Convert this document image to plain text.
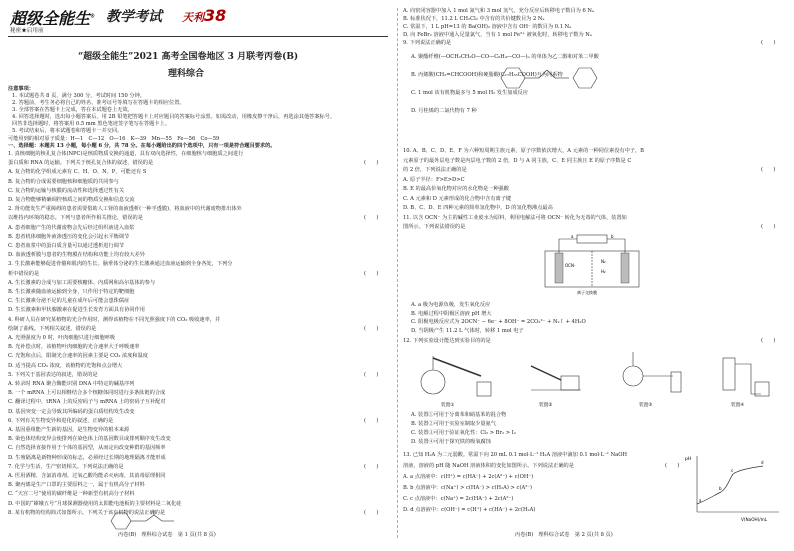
超级全能生® 教学考试 天利38
秘密★启用前
“超级全能生”2021 高考全国卷地区 3 月联考丙卷(B)
理科综合
注意事项：
1. 本试题卷共 8 页，满分 300 分，考试时间 150 分钟。
2. 答题前，考生务必将自己的姓名、准考证号等填写在答题卡的相应位置。
3. 全部答案在答题卡上完成，答在本试题卷上无效。
4. 回答选择题时，选出每小题答案后，用 2B 铅笔把答题卡上对应题目的答案标号涂黑。如需改动，用橡皮擦干净后，再选涂其他答案标号。
回答非选择题时，将答案用 0.5 mm 黑色笔迹签字笔写在答题卡上。
5. 考试结束后，将本试题卷和答题卡一并交回。
可能用到的相对原子质量：H—1　C—12　O—16　K—39　Mn—55　Fe—56　Co—59
一、选择题：本题共 13 小题，每小题 6 分，共 78 分。在每小题给出的四个选项中，只有一项是符合题目要求的。
1. 真核细胞的核孔复合体(NPC)是核质物质交换的通道，具有双向选择性，在细胞核与细胞质之间进行
蛋白质和 RNA 的运输。下列关于核孔复合体的叙述，错误的是
A. 复合物的化学组成元素有 C、H、O、N、P，可能还有 S
B. 复合物的合成需要细胞核和细胞质的共同参与
C. 复合物的运输与核膜的流动性和选择透过性有关
D. 复合物能够精确调控核质之间的物质交换和信息交流
2. 肾功能发生严重障碍的患者需要借助人工肾的血液透析(一种半透膜)，将血液中的代谢废物排出体外
以维持内环境的稳态。下列与患者所作相关推论，错误的是
A. 患者细胞产生的代谢废物会先后经过组织液进入血浆
B. 患者机体细胞外液渗透压的变化会引起水平衡调节
C. 患者血浆中的蛋白质含量可以通过透析进行调节
D. 血液透析膜与患者的生物膜在结构和功能上均有较大差异
3. 生长激素能够促进骨骼和肌肉的生长。脑垂体分泌的生长激素通过血液运输到全身各处，下列分
析中错误的是
A. 生长激素的合成与加工需要核糖体、内质网和高尔基体的参与
B. 生长激素随血液运输到全身，只作用于特定的靶细胞
C. 生长激素分泌不足的儿童在成年后可能会患侏儒症
D. 生长激素和甲状腺激素在促进生长发育方面具有协同作用
4. 科研人员在研究某植物的光合作用时，测得该植物在不同光照强度下的 CO₂ 吸收速率，并
绘制了曲线。下列相关叙述，错误的是
A. 光照强度为 0 时，叶肉细胞只进行细胞呼吸
B. 光补偿点时，该植物叶肉细胞的光合速率大于呼吸速率
C. 光饱和点后，限制光合速率的因素主要是 CO₂ 浓度和温度
D. 适当提高 CO₂ 浓度，该植物的光饱和点会增大
5. 下列关于基因表达的叙述，错误的是
A. 转录时 RNA 聚合酶能识别 DNA 中特定的碱基序列
B. 一个 mRNA 上可以相继结合多个核糖体同时进行多条肽链的合成
C. 翻译过程中，tRNA 上的反密码子与 mRNA 上的密码子互补配对
D. 基因突变一定会导致其所编码的蛋白质结构发生改变
6. 下列有关生物变异和进化的叙述，正确的是
A. 基因重组能产生新的基因，是生物变异的根本来源
B. 染色体结构变异会使排列在染色体上的基因数目或排列顺序发生改变
C. 自然选择直接作用于个体的基因型，从而定向改变种群的基因频率
D. 生殖隔离是新物种形成的标志，必须经过长期的地理隔离才能形成
7. 化学与生活、生产密切相关。下列说法正确的是
A. 医用酒精、含氯消毒剂、过氧乙酸均能杀灭病毒，其消毒原理相同
B. 聚丙烯是生产口罩的主要原料之一，属于有机高分子材料
C. “天宫二号”使用的碳纤维是一种新型有机高分子材料
D. 中国的“嫦娥五号”月球探测器使用的太阳能电池板的主要材料是二氧化硅
8. 某有机物的结构简式如图所示。下列关于该有机物的说法正确的是
(　　)
(　　)
(　　)
(　　)
(　　)
(　　)
(　　)
(　　)
丙卷(B)　理科综合试卷　第 1 页(共 8 页)
a	b
OCN⁻
N₂
H₂
离子交换膜
12. 下列实验设计能达到实验目的的是
装置①	装置②	装置③	装置④
pH
V(NaOH)/mL
a
b
c
d
丙卷(B)　理科综合试卷　第 2 页(共 8 页)
A. 向密闭容器中加入 1 mol 氮气和 3 mol 氢气，充分反应后转移电子数目为 6 Nₐ
B. 标准状况下，11.2 L CH₂Cl₂ 中含有的共价键数目为 2 Nₐ
C. 常温下，1 L pH=13 的 Ba(OH)₂ 溶液中含有 OH⁻ 的数目为 0.1 Nₐ
D. 向 FeBr₂ 溶液中通入足量氯气，当有 1 mol Fe²⁺ 被氧化时，转移电子数为 Nₐ
9. 下列说法正确的是	(　　)
A. 聚酯纤维(—OCH₂CH₂O—CO—C₆H₄—CO—)ₙ 的单体为乙二醇和对苯二甲酸
B. 丙烯酸(CH₂=CHCOOH)和硬脂酸(C₁₇H₃₅COOH)互为同系物
C. 1 mol 该有机物最多与 5 mol H₂ 发生加成反应
D. 月桂烯的二氯代物有 7 种
10. A、B、C、D、E、F 为六种短周期主族元素，原子序数依次增大，A 元素的一种同位素没有中子，B
元素原子的最外层电子数是内层电子数的 2 倍，D 与 A 同主族，C、E 同主族且 E 的原子序数是 C
的 2 倍，下列说法正确的是
A. 原子半径：F>E>D>C
B. E 的最高价氧化物对应的水化物是一种强酸
C. A 元素和 D 元素形成的化合物中含有离子键
D. B、C、D、E 四种元素的简单氢化物中，D 的氢化物沸点最高
11. 以含 OCN⁻ 为主的碱性工业废水为原料，利用电解法可将 OCN⁻ 转化为无毒的气体，装置如
图所示。下列说法错误的是
(　　)
(　　)
A. a 极为电源负极，发生氧化反应
B. 电解过程中阴极区溶液 pH 增大
C. 阳极电极反应式为 2OCN⁻ − 6e⁻ + 8OH⁻ = 2CO₃²⁻ + N₂↑ + 4H₂O
D. 当阴极产生 11.2 L 气体时，转移 1 mol 电子
(　　)
A. 装置①可用于分离苯和硝基苯的混合物
B. 装置②可用于实验室制取少量氨气
C. 装置③可用于验证氧化性：Cl₂ > Br₂ > I₂
D. 装置④可用于探究铁的吸氧腐蚀
13. 已知 H₂A 为二元弱酸。常温下向 20 mL 0.1 mol·L⁻¹ H₂A 溶液中滴加 0.1 mol·L⁻¹ NaOH
溶液，溶液的 pH 随 NaOH 溶液体积的变化如图所示。下列说法正确的是
A. a 点溶液中：c(H⁺) = c(HA⁻) + 2c(A²⁻) + c(OH⁻)
B. b 点溶液中：c(Na⁺) > c(HA⁻) > c(H₂A) > c(A²⁻)
C. c 点溶液中：c(Na⁺) = 2c(HA⁻) + 2c(A²⁻)
D. d 点溶液中：c(OH⁻) = c(H⁺) + c(HA⁻) + 2c(H₂A)
(　　)
